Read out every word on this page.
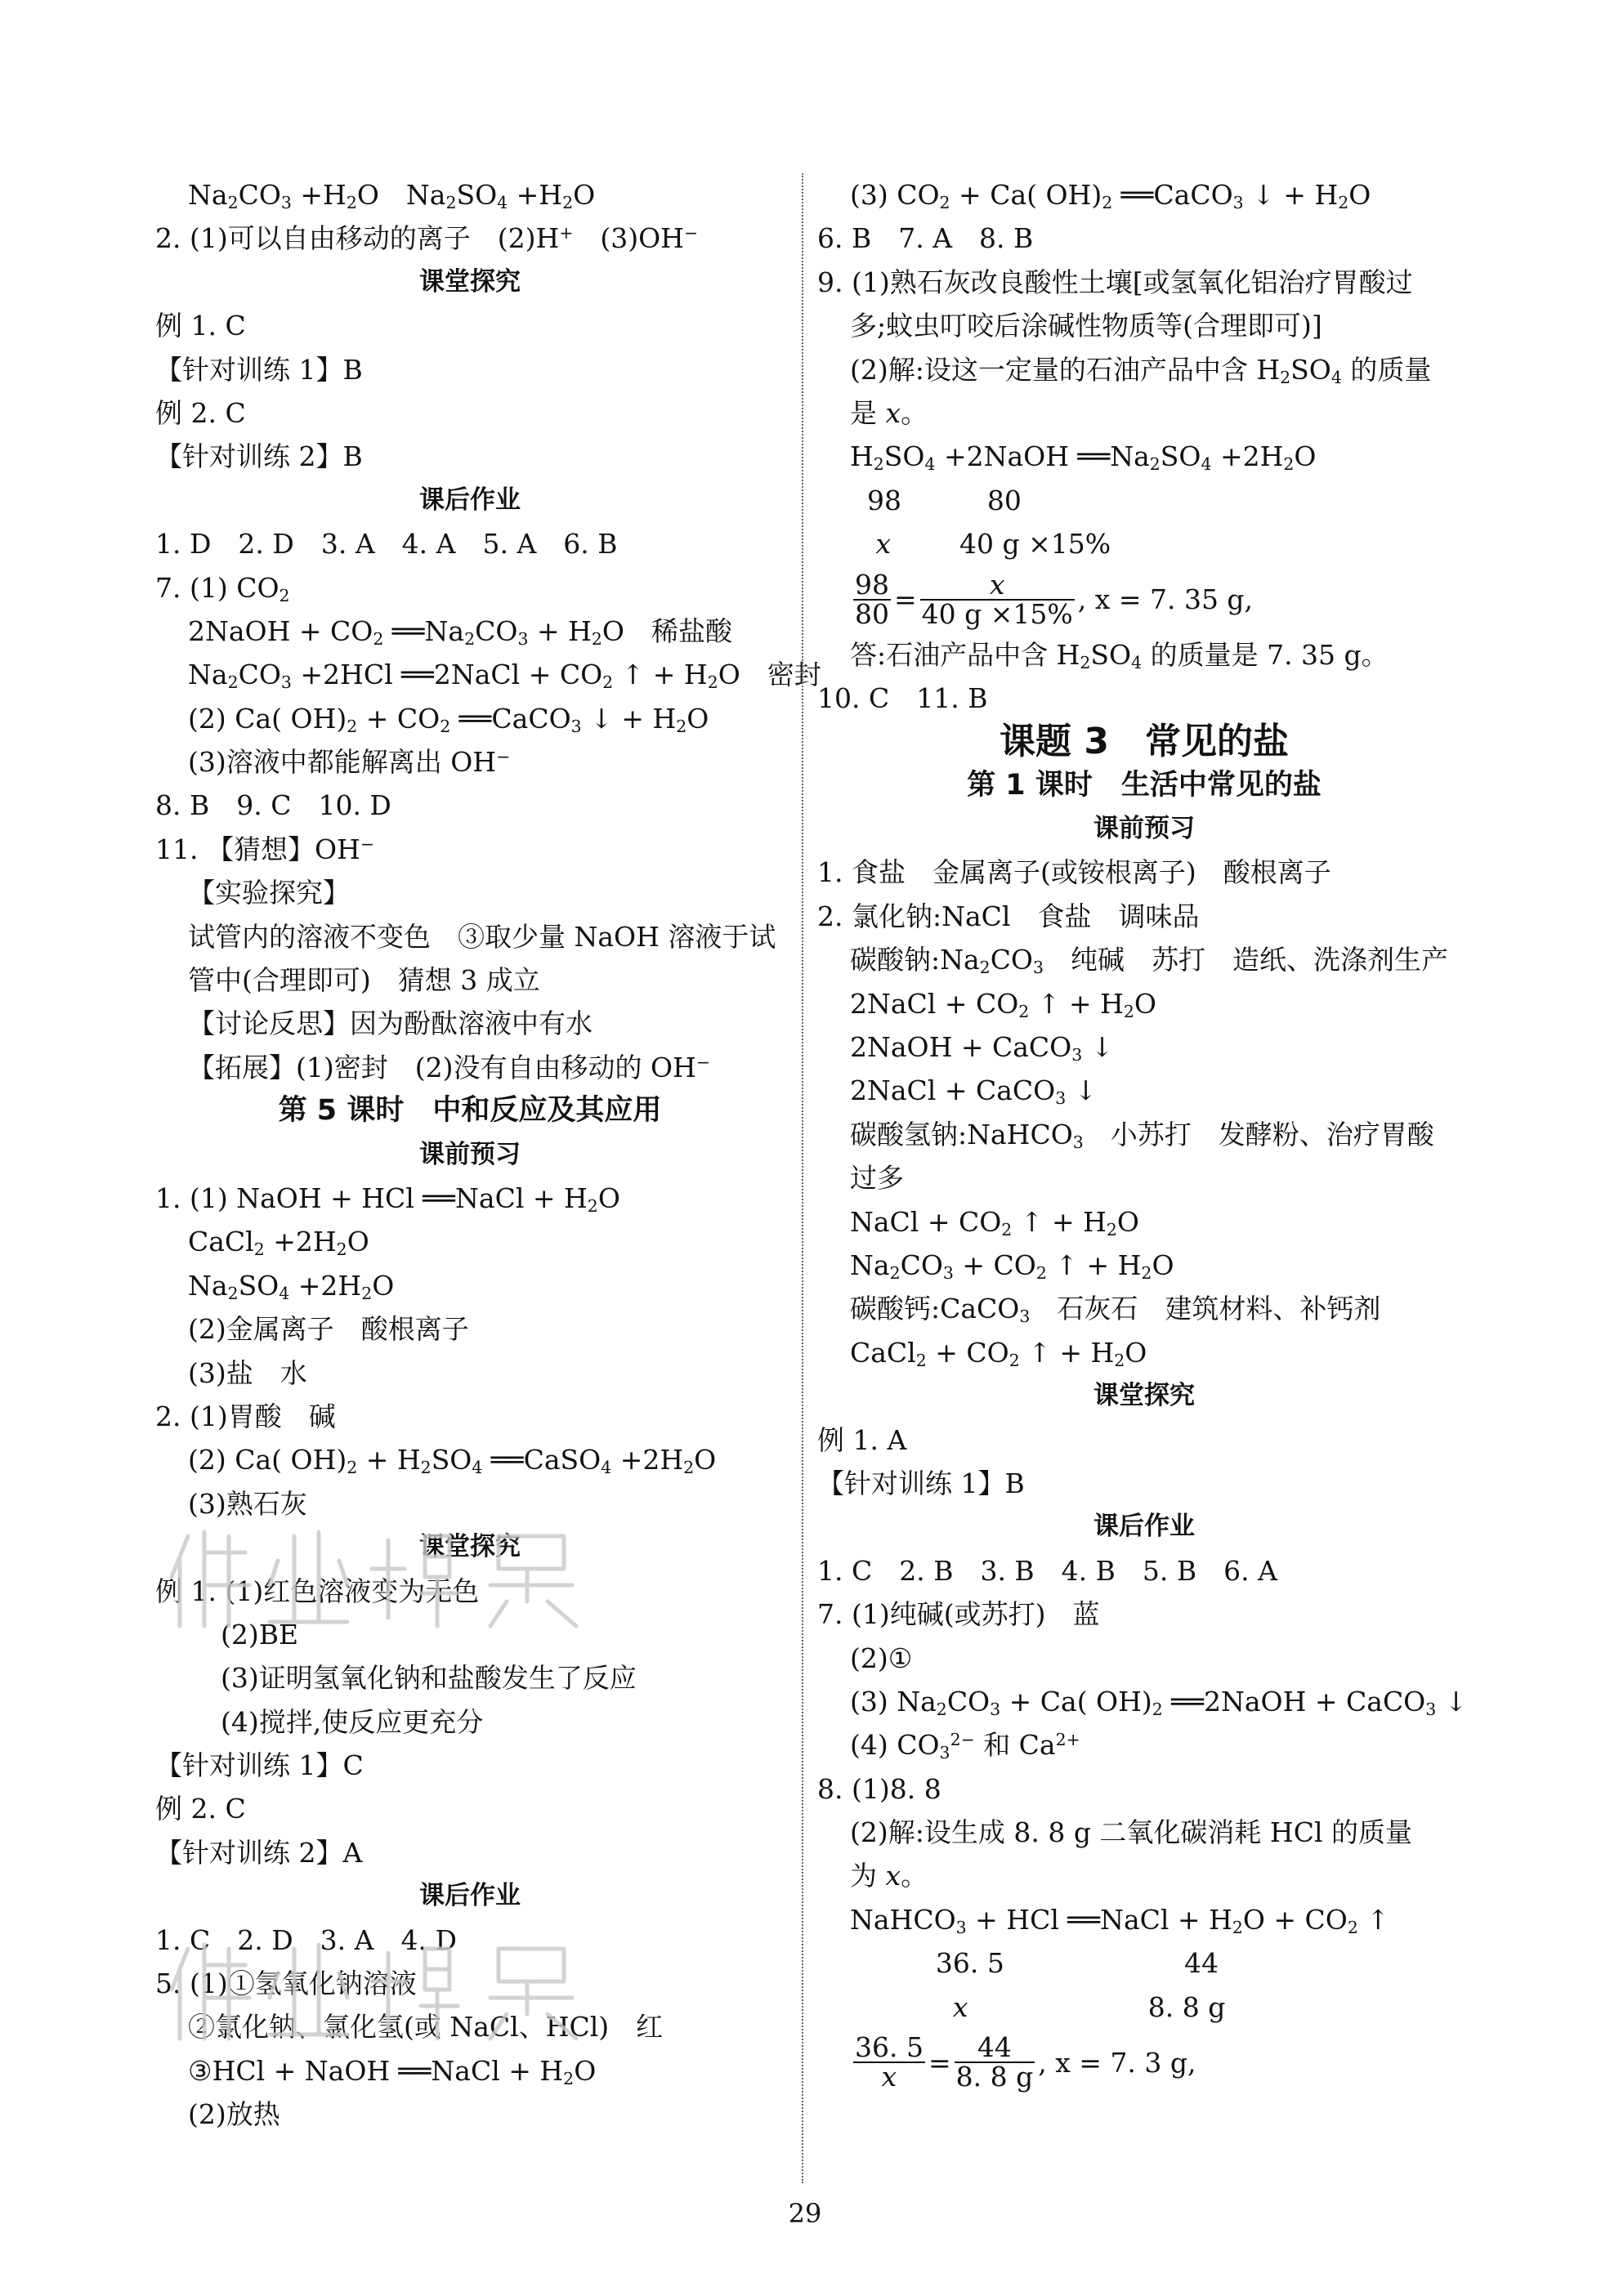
$Na_2CO_3 +H_2O$　$Na_2SO_4 +H_2O$
2. (1)可以自由移动的离子　(2)H+　(3)OH−
课堂探究
例 1. C
【针对训练 1】B
例 2. C
【针对训练 2】B
课后作业
1. D　2. D　3. A　4. A　5. A　6. B
7. (1) $CO_2$
2NaOH + $CO_2$ $══Na_2CO_3 + H_2O$　稀盐酸
$Na_2CO_3 +2HCl$ ══2NaCl + $CO_2$ ↑ + $H_2O$　密封
(2) Ca( $OH)_2 + CO_2$ ══CaCO$_3$ ↓ + $H_2O$
(3)溶液中都能解离出 OH−
8. B　9. C　10. D
11. 【猜想】OH−
【实验探究】
试管内的溶液不变色　③取少量 NaOH 溶液于试
管中(合理即可)　猜想 3 成立
【讨论反思】因为酚酞溶液中有水
【拓展】(1)密封　(2)没有自由移动的 OH−
第 5 课时　中和反应及其应用
课前预习
1. (1) NaOH + HCl ══NaCl + $H_2O$
CaCl$_2$ $+2H_2O$
$Na_2SO_4 +2H_2O$
(2)金属离子　酸根离子
(3)盐　水
2. (1)胃酸　碱
(2) Ca( $OH)_2 + H_2SO_4$ ══CaSO$_4$ $+2H_2O$
(3)熟石灰
课堂探究
例 1. (1)红色溶液变为无色
(2)BE
(3)证明氢氧化钠和盐酸发生了反应
(4)搅拌,使反应更充分
【针对训练 1】C
例 2. C
【针对训练 2】A
课后作业
1. C　2. D　3. A　4. D
5. (1)①氢氧化钠溶液
②氯化钠、氯化氢(或 NaCl、HCl)　红
③HCl + NaOH ══NaCl + $H_2O$
(2)放热
(3) $CO_2 + Ca$( $OH)_2$ ══CaCO$_3$ ↓ + $H_2O$
6. B　7. A　8. B
9. (1)熟石灰改良酸性土壤[或氢氧化铝治疗胃酸过
多;蚊虫叮咬后涂碱性物质等(合理即可)]
(2)解:设这一定量的石油产品中含 $H_2SO_4$ 的质量
是 x。
$H_2SO_4$ +2NaOH $══Na_2SO_4 +2H_2O$
98          80
x        40 g ×15%
$\frac{98}{80} = \frac{x}{40 g \times 15\%}$ , x = 7. 35 g,
答:石油产品中含 $H_2SO_4$ 的质量是 7. 35 g。
10. C　11. B
课题 3　常见的盐
第 1 课时　生活中常见的盐
课前预习
1. 食盐　金属离子(或铵根离子)　酸根离子
2. 氯化钠:NaCl　食盐　调味品
碳酸钠$:Na_2CO_3$　纯碱　苏打　造纸、洗涤剂生产
2NaCl + $CO_2$ ↑ + $H_2O$
2NaOH + CaCO$_3$ ↓
2NaCl + CaCO$_3$ ↓
碳酸氢钠:NaHCO$_3$　小苏打　发酵粉、治疗胃酸
过多
NaCl + $CO_2$ ↑ + $H_2O$
$Na_2CO_3 + CO_2$ ↑ + $H_2O$
碳酸钙:CaCO$_3$　石灰石　建筑材料、补钙剂
CaCl$_2$ + $CO_2$ ↑ + $H_2O$
课堂探究
例 1. A
【针对训练 1】B
课后作业
1. C　2. B　3. B　4. B　5. B　6. A
7. (1)纯碱(或苏打)　蓝
(2)①
(3) $Na_2CO_3 + Ca$( $OH)_2$ ══2NaOH + CaCO$_3$ ↓
(4) $CO_3^{2-}$ 和 $Ca^{2+}$
8. (1)8. 8
(2)解:设生成 8. 8 g 二氧化碳消耗 HCl 的质量
为 x。
NaHCO$_3$ + HCl ══NaCl + $H_2O + CO_2$ ↑
36. 5                     44
x                     8. 8 g
$\frac{36. 5}{x} = \frac{44}{8. 8 g}$ , x = 7. 3 g,
29
